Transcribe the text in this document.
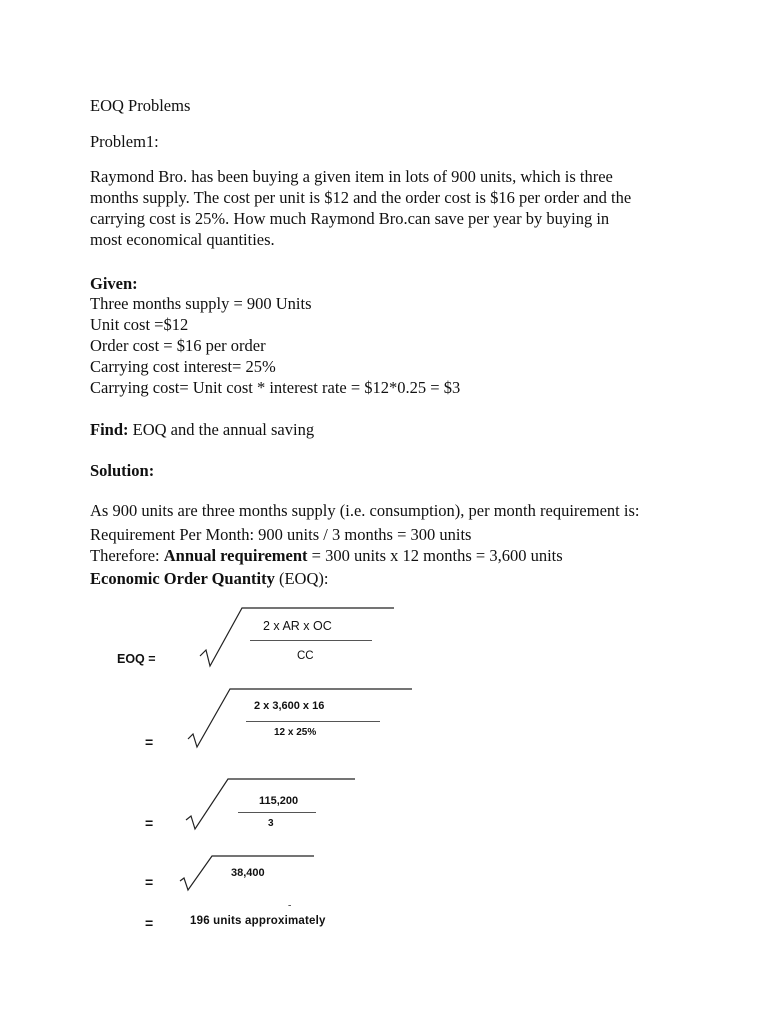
EOQ Problems
Problem1:
Raymond Bro. has been buying a given item in lots of 900 units, which is three
months supply. The cost per unit is $12 and the order cost is $16 per order and the
carrying cost is 25%. How much Raymond Bro.can save per year by buying in
most economical quantities.
Given:
Three months supply = 900 Units
Unit cost =$12
Order cost = $16 per order
Carrying cost interest= 25%
Carrying cost= Unit cost * interest rate = $12*0.25 = $3
Find: EOQ and the annual saving
Solution:
As 900 units are three months supply (i.e. consumption), per month requirement is:
Requirement Per Month: 900 units / 3 months = 300 units
Therefore: Annual requirement = 300 units x 12 months = 3,600 units
Economic Order Quantity (EOQ):
EOQ =
2 x AR x OC
CC
=
2 x 3,600 x 16
12 x 25%
=
115,200
3
=
38,400
-
=	196 units approximately
